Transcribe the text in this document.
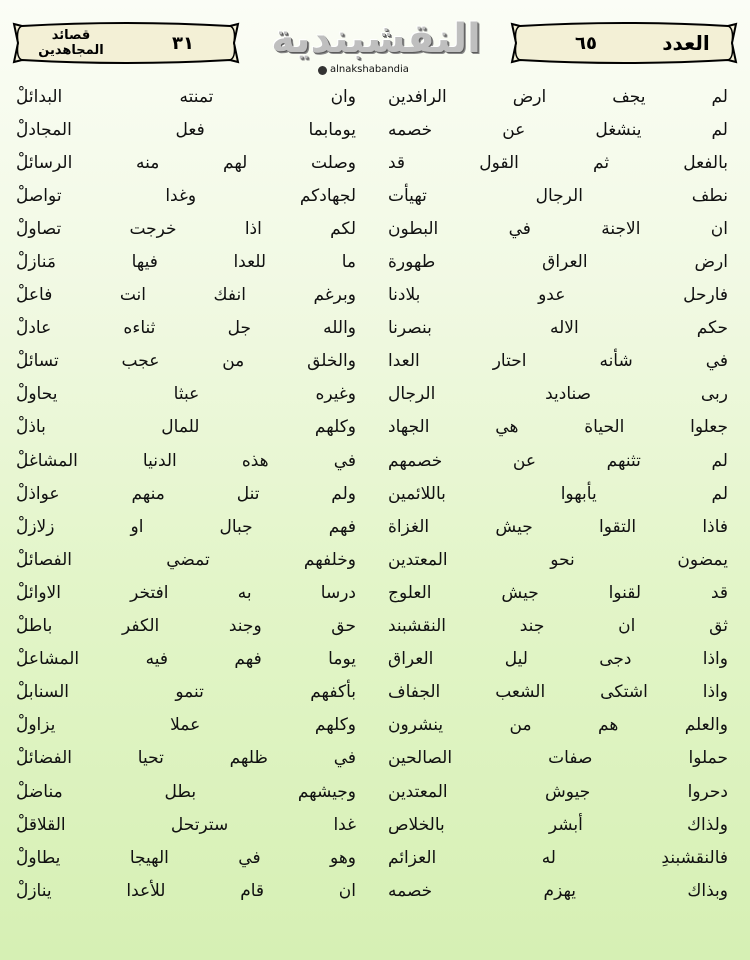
٣١
قصائد
المجاهدين	النقشبندية
alnakshabandia
٦٥	العدد
لم يجف ارض الرافدين
وان تمنته البدائلْ
لم ينشغل عن خصمه
يومابما فعل المجادلْ
بالفعل ثم القول قد
وصلت لهم منه الرسائلْ
نطف الرجال تهيأت
لجهادكم وغدا تواصلْ
ان الاجنة في البطون
لكم اذا خرجت تصاولْ
ارض العراق طهورة
ما للعدا فيها مَنازلْ
فارحل عدو بلادنا
وبرغم انفك انت فاعلْ
حكم الاله بنصرنا
والله جل ثناءه عادلْ
في شأنه احتار العدا
والخلق من عجب تسائلْ
ربى صناديد الرجال
وغيره عبثا يحاولْ
جعلوا الحياة هي الجهاد
وكلهم للمال باذلْ
لم تثنهم عن خصمهم
في هذه الدنيا المشاغلْ
لم يأبهوا باللائمين
ولم تنل منهم عواذلْ
فاذا التقوا جيش الغزاة
فهم جبال او زلازلْ
يمضون نحو المعتدين
وخلفهم تمضي الفصائلْ
قد لقنوا جيش العلوج
درسا به افتخر الاوائلْ
ثق ان جند النقشبند
حق وجند الكفر باطلْ
واذا دجى ليل العراق
يوما فهم فيه المشاعلْ
واذا اشتكى الشعب الجفاف
بأكفهم تنمو السنابلْ
والعلم هم من ينشرون
وكلهم عملا يزاولْ
حملوا صفات الصالحين
في ظلهم تحيا الفضائلْ
دحروا جيوش المعتدين
وجيشهم بطل مناضلْ
ولذاك أبشر بالخلاص
غدا سترتحل القلاقلْ
فالنقشبندِ له العزائم
وهو في الهيجا يطاولْ
وبذاك يهزم خصمه
ان قام للأعدا ينازلْ
